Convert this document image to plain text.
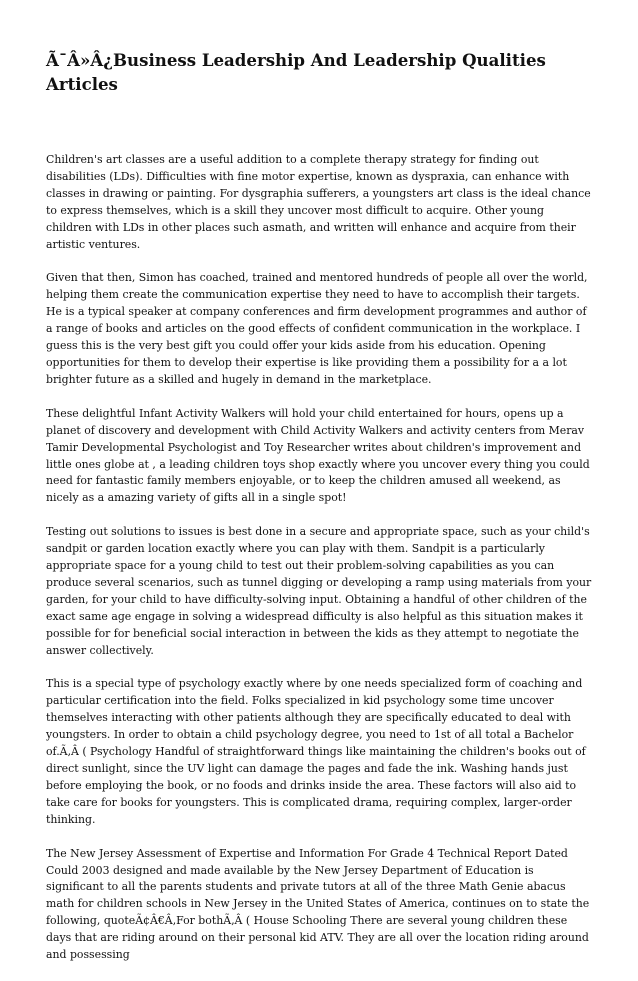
Ã¯Â»Â¿Business Leadership And Leadership Qualities Articles

Children's art classes are a useful addition to a complete therapy strategy for finding out disabilities (LDs). Difficulties with fine motor expertise, known as dyspraxia, can enhance with classes in drawing or painting. For dysgraphia sufferers, a youngsters art class is the ideal chance to express themselves, which is a skill they uncover most difficult to acquire. Other young children with LDs in other places such asmath, and written will enhance and acquire from their artistic ventures.

Given that then, Simon has coached, trained and mentored hundreds of people all over the world, helping them create the communication expertise they need to have to accomplish their targets. He is a typical speaker at company conferences and firm development programmes and author of a range of books and articles on the good effects of confident communication in the workplace. I guess this is the very best gift you could offer your kids aside from his education. Opening opportunities for them to develop their expertise is like providing them a possibility for a a lot brighter future as a skilled and hugely in demand in the marketplace.

These delightful Infant Activity Walkers will hold your child entertained for hours, opens up a planet of discovery and development with Child Activity Walkers and activity centers from Merav Tamir Developmental Psychologist and Toy Researcher writes about children's improvement and little ones globe at , a leading children toys shop exactly where you uncover every thing you could need for fantastic family members enjoyable, or to keep the children amused all weekend, as nicely as a amazing variety of gifts all in a single spot!

Testing out solutions to issues is best done in a secure and appropriate space, such as your child's sandpit or garden location exactly where you can play with them. Sandpit is a particularly appropriate space for a young child to test out their problem-solving capabilities as you can produce several scenarios, such as tunnel digging or developing a ramp using materials from your garden, for your child to have difficulty-solving input. Obtaining a handful of other children of the exact same age engage in solving a widespread difficulty is also helpful as this situation makes it possible for for beneficial social interaction in between the kids as they attempt to negotiate the answer collectively.

This is a special type of psychology exactly where by one needs specialized form of coaching and particular certification into the field. Folks specialized in kid psychology some time uncover themselves interacting with other patients although they are specifically educated to deal with youngsters. In order to obtain a child psychology degree, you need to 1st of all total a Bachelor of.Ã‚Â ( Psychology Handful of straightforward things like maintaining the children's books out of direct sunlight, since the UV light can damage the pages and fade the ink. Washing hands just before employing the book, or no foods and drinks inside the area. These factors will also aid to take care for books for youngsters. This is complicated drama, requiring complex, larger-order thinking.

The New Jersey Assessment of Expertise and Information For Grade 4 Technical Report Dated Could 2003 designed and made available by the New Jersey Department of Education is significant to all the parents students and private tutors at all of the three Math Genie abacus math for children schools in New Jersey in the United States of America, continues on to state the following, quoteÃ¢Â€Â‚For bothÃ‚Â ( House Schooling There are several young children these days that are riding around on their personal kid ATV. They are all over the location riding around and possessing
